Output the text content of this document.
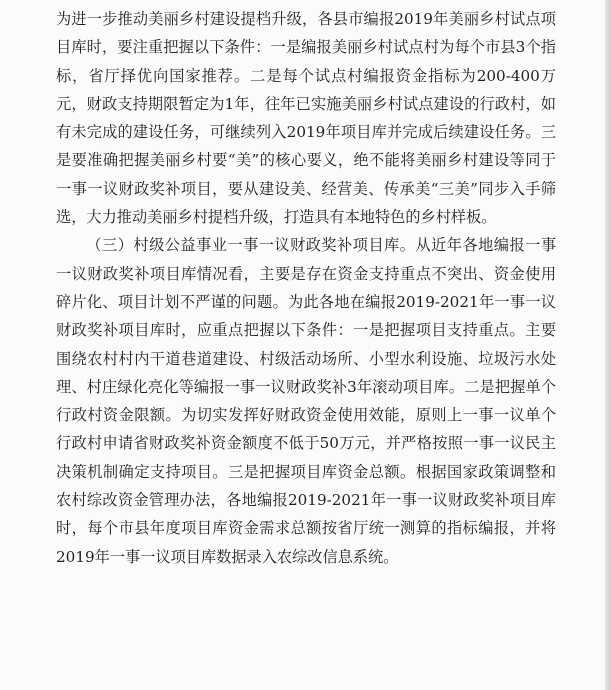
为进一步推动美丽乡村建设提档升级，各县市编报2019年美丽乡村试点项目库时，要注重把握以下条件：一是编报美丽乡村试点村为每个市县3个指标，省厅择优向国家推荐。二是每个试点村编报资金指标为200-400万元，财政支持期限暂定为1年，往年已实施美丽乡村试点建设的行政村，如有未完成的建设任务，可继续列入2019年项目库并完成后续建设任务。三是要准确把握美丽乡村要“美”的核心要义，绝不能将美丽乡村建设等同于一事一议财政奖补项目，要从建设美、经营美、传承美“三美”同步入手筛选，大力推动美丽乡村提档升级，打造具有本地特色的乡村样板。

（三）村级公益事业一事一议财政奖补项目库。从近年各地编报一事一议财政奖补项目库情况看，主要是存在资金支持重点不突出、资金使用碎片化、项目计划不严谨的问题。为此各地在编报2019-2021年一事一议财政奖补项目库时，应重点把握以下条件：一是把握项目支持重点。主要围绕农村村内干道巷道建设、村级活动场所、小型水利设施、垃圾污水处理、村庄绿化亮化等编报一事一议财政奖补3年滚动项目库。二是把握单个行政村资金限额。为切实发挥好财政资金使用效能，原则上一事一议单个行政村申请省财政奖补资金额度不低于50万元，并严格按照一事一议民主决策机制确定支持项目。三是把握项目库资金总额。根据国家政策调整和农村综改资金管理办法，各地编报2019-2021年一事一议财政奖补项目库时，每个市县年度项目库资金需求总额按省厅统一测算的指标编报，并将2019年一事一议项目库数据录入农综改信息系统。
